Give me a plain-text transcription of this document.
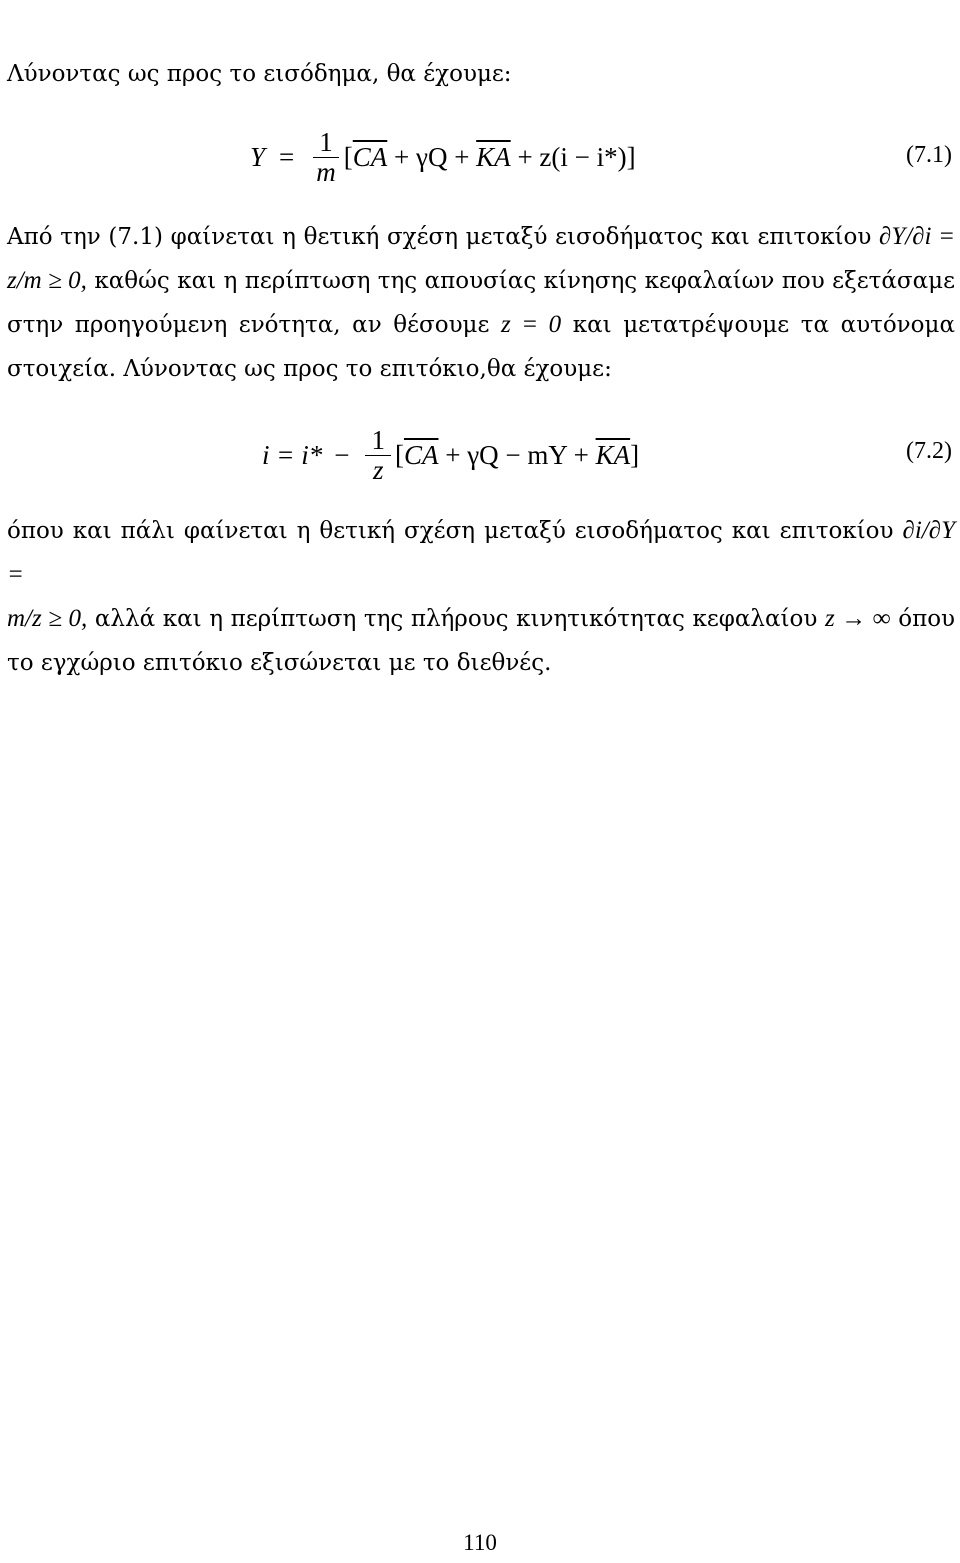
Λύνοντας ως προς το εισόδημα, θα έχουμε:

$Y = \frac{1}{m}$ [ $\overline{CA} + \gamma Q + \overline{KA} + z(i - i*)$]	(7.1)

Από την (7.1) φαίνεται η θετική σχέση μεταξύ εισοδήματος και επιτοκίου ∂Y/∂i =
z/m ≥ 0, καθώς και η περίπτωση της απουσίας κίνησης κεφαλαίων που εξετάσαμε
στην προηγούμενη ενότητα, αν θέσουμε z = 0 και μετατρέψουμε τα αυτόνομα
στοιχεία. Λύνοντας ως προς το επιτόκιο,θα έχουμε:

$i = i* - \frac{1}{z}$ [ $\overline{CA} + \gamma Q$ − mY + $\overline{KA}$ ]	(7.2)

όπου και πάλι φαίνεται η θετική σχέση μεταξύ εισοδήματος και επιτοκίου ∂i/∂Y =
m/z ≥ 0, αλλά και η περίπτωση της πλήρους κινητικότητας κεφαλαίου z → ∞ όπου
το εγχώριο επιτόκιο εξισώνεται με το διεθνές.

110
